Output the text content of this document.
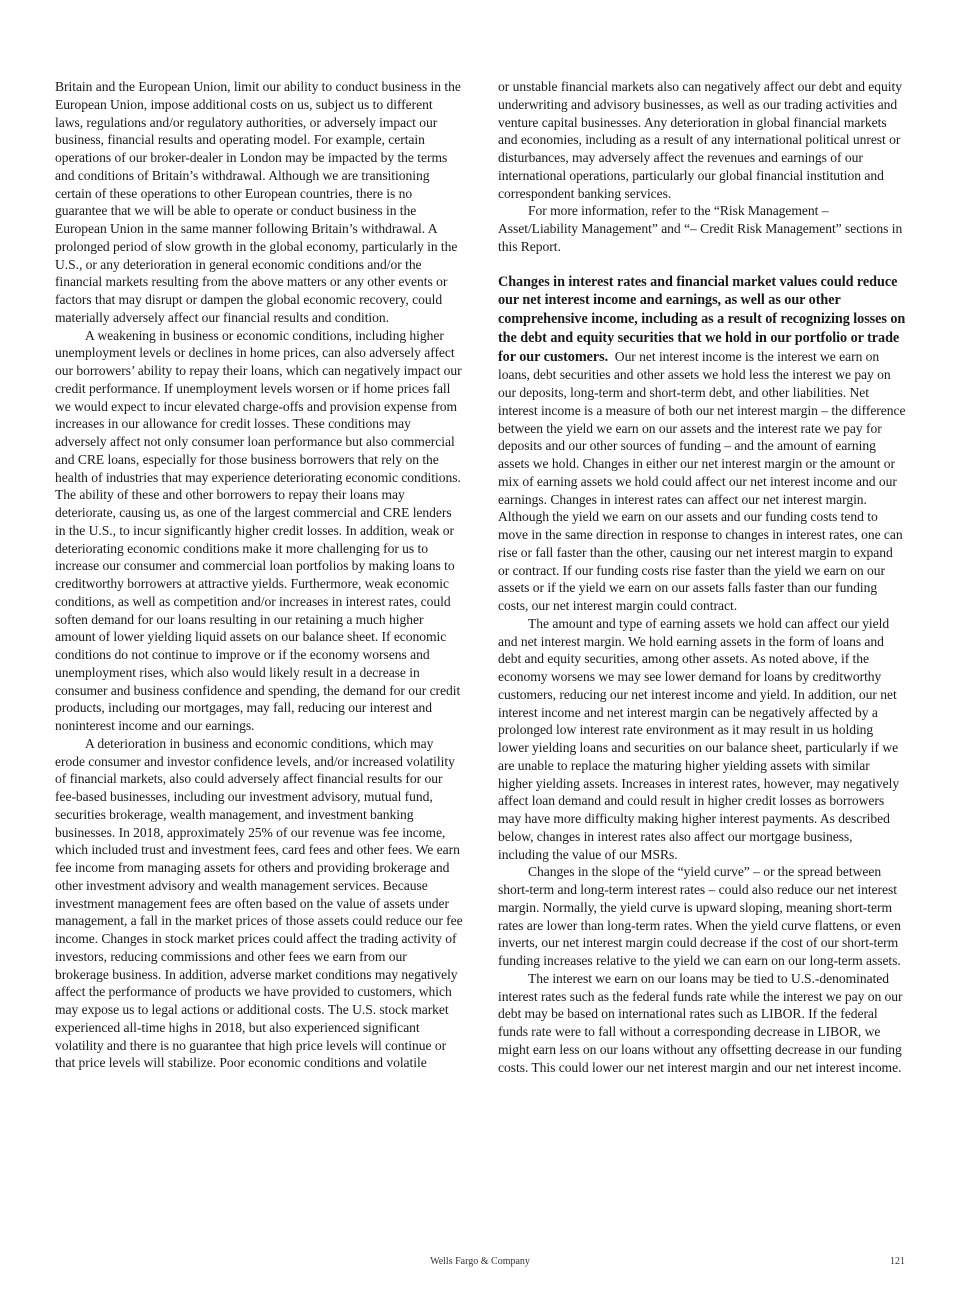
Britain and the European Union, limit our ability to conduct business in the European Union, impose additional costs on us, subject us to different laws, regulations and/or regulatory authorities, or adversely impact our business, financial results and operating model. For example, certain operations of our broker-dealer in London may be impacted by the terms and conditions of Britain’s withdrawal. Although we are transitioning certain of these operations to other European countries, there is no guarantee that we will be able to operate or conduct business in the European Union in the same manner following Britain’s withdrawal. A prolonged period of slow growth in the global economy, particularly in the U.S., or any deterioration in general economic conditions and/or the financial markets resulting from the above matters or any other events or factors that may disrupt or dampen the global economic recovery, could materially adversely affect our financial results and condition.

A weakening in business or economic conditions, including higher unemployment levels or declines in home prices, can also adversely affect our borrowers’ ability to repay their loans, which can negatively impact our credit performance. If unemployment levels worsen or if home prices fall we would expect to incur elevated charge-offs and provision expense from increases in our allowance for credit losses. These conditions may adversely affect not only consumer loan performance but also commercial and CRE loans, especially for those business borrowers that rely on the health of industries that may experience deteriorating economic conditions. The ability of these and other borrowers to repay their loans may deteriorate, causing us, as one of the largest commercial and CRE lenders in the U.S., to incur significantly higher credit losses. In addition, weak or deteriorating economic conditions make it more challenging for us to increase our consumer and commercial loan portfolios by making loans to creditworthy borrowers at attractive yields. Furthermore, weak economic conditions, as well as competition and/or increases in interest rates, could soften demand for our loans resulting in our retaining a much higher amount of lower yielding liquid assets on our balance sheet. If economic conditions do not continue to improve or if the economy worsens and unemployment rises, which also would likely result in a decrease in consumer and business confidence and spending, the demand for our credit products, including our mortgages, may fall, reducing our interest and noninterest income and our earnings.

A deterioration in business and economic conditions, which may erode consumer and investor confidence levels, and/or increased volatility of financial markets, also could adversely affect financial results for our fee-based businesses, including our investment advisory, mutual fund, securities brokerage, wealth management, and investment banking businesses. In 2018, approximately 25% of our revenue was fee income, which included trust and investment fees, card fees and other fees. We earn fee income from managing assets for others and providing brokerage and other investment advisory and wealth management services. Because investment management fees are often based on the value of assets under management, a fall in the market prices of those assets could reduce our fee income. Changes in stock market prices could affect the trading activity of investors, reducing commissions and other fees we earn from our brokerage business. In addition, adverse market conditions may negatively affect the performance of products we have provided to customers, which may expose us to legal actions or additional costs. The U.S. stock market experienced all-time highs in 2018, but also experienced significant volatility and there is no guarantee that high price levels will continue or that price levels will stabilize. Poor economic conditions and volatile

or unstable financial markets also can negatively affect our debt and equity underwriting and advisory businesses, as well as our trading activities and venture capital businesses. Any deterioration in global financial markets and economies, including as a result of any international political unrest or disturbances, may adversely affect the revenues and earnings of our international operations, particularly our global financial institution and correspondent banking services.

For more information, refer to the “Risk Management – Asset/Liability Management” and “– Credit Risk Management” sections in this Report.

Changes in interest rates and financial market values could reduce our net interest income and earnings, as well as our other comprehensive income, including as a result of recognizing losses on the debt and equity securities that we hold in our portfolio or trade for our customers. Our net interest income is the interest we earn on loans, debt securities and other assets we hold less the interest we pay on our deposits, long-term and short-term debt, and other liabilities. Net interest income is a measure of both our net interest margin – the difference between the yield we earn on our assets and the interest rate we pay for deposits and our other sources of funding – and the amount of earning assets we hold. Changes in either our net interest margin or the amount or mix of earning assets we hold could affect our net interest income and our earnings. Changes in interest rates can affect our net interest margin. Although the yield we earn on our assets and our funding costs tend to move in the same direction in response to changes in interest rates, one can rise or fall faster than the other, causing our net interest margin to expand or contract. If our funding costs rise faster than the yield we earn on our assets or if the yield we earn on our assets falls faster than our funding costs, our net interest margin could contract.

The amount and type of earning assets we hold can affect our yield and net interest margin. We hold earning assets in the form of loans and debt and equity securities, among other assets. As noted above, if the economy worsens we may see lower demand for loans by creditworthy customers, reducing our net interest income and yield. In addition, our net interest income and net interest margin can be negatively affected by a prolonged low interest rate environment as it may result in us holding lower yielding loans and securities on our balance sheet, particularly if we are unable to replace the maturing higher yielding assets with similar higher yielding assets. Increases in interest rates, however, may negatively affect loan demand and could result in higher credit losses as borrowers may have more difficulty making higher interest payments. As described below, changes in interest rates also affect our mortgage business, including the value of our MSRs.

Changes in the slope of the “yield curve” – or the spread between short-term and long-term interest rates – could also reduce our net interest margin. Normally, the yield curve is upward sloping, meaning short-term rates are lower than long-term rates. When the yield curve flattens, or even inverts, our net interest margin could decrease if the cost of our short-term funding increases relative to the yield we can earn on our long-term assets.

The interest we earn on our loans may be tied to U.S.-denominated interest rates such as the federal funds rate while the interest we pay on our debt may be based on international rates such as LIBOR. If the federal funds rate were to fall without a corresponding decrease in LIBOR, we might earn less on our loans without any offsetting decrease in our funding costs. This could lower our net interest margin and our net interest income.

Wells Fargo & Company	121
